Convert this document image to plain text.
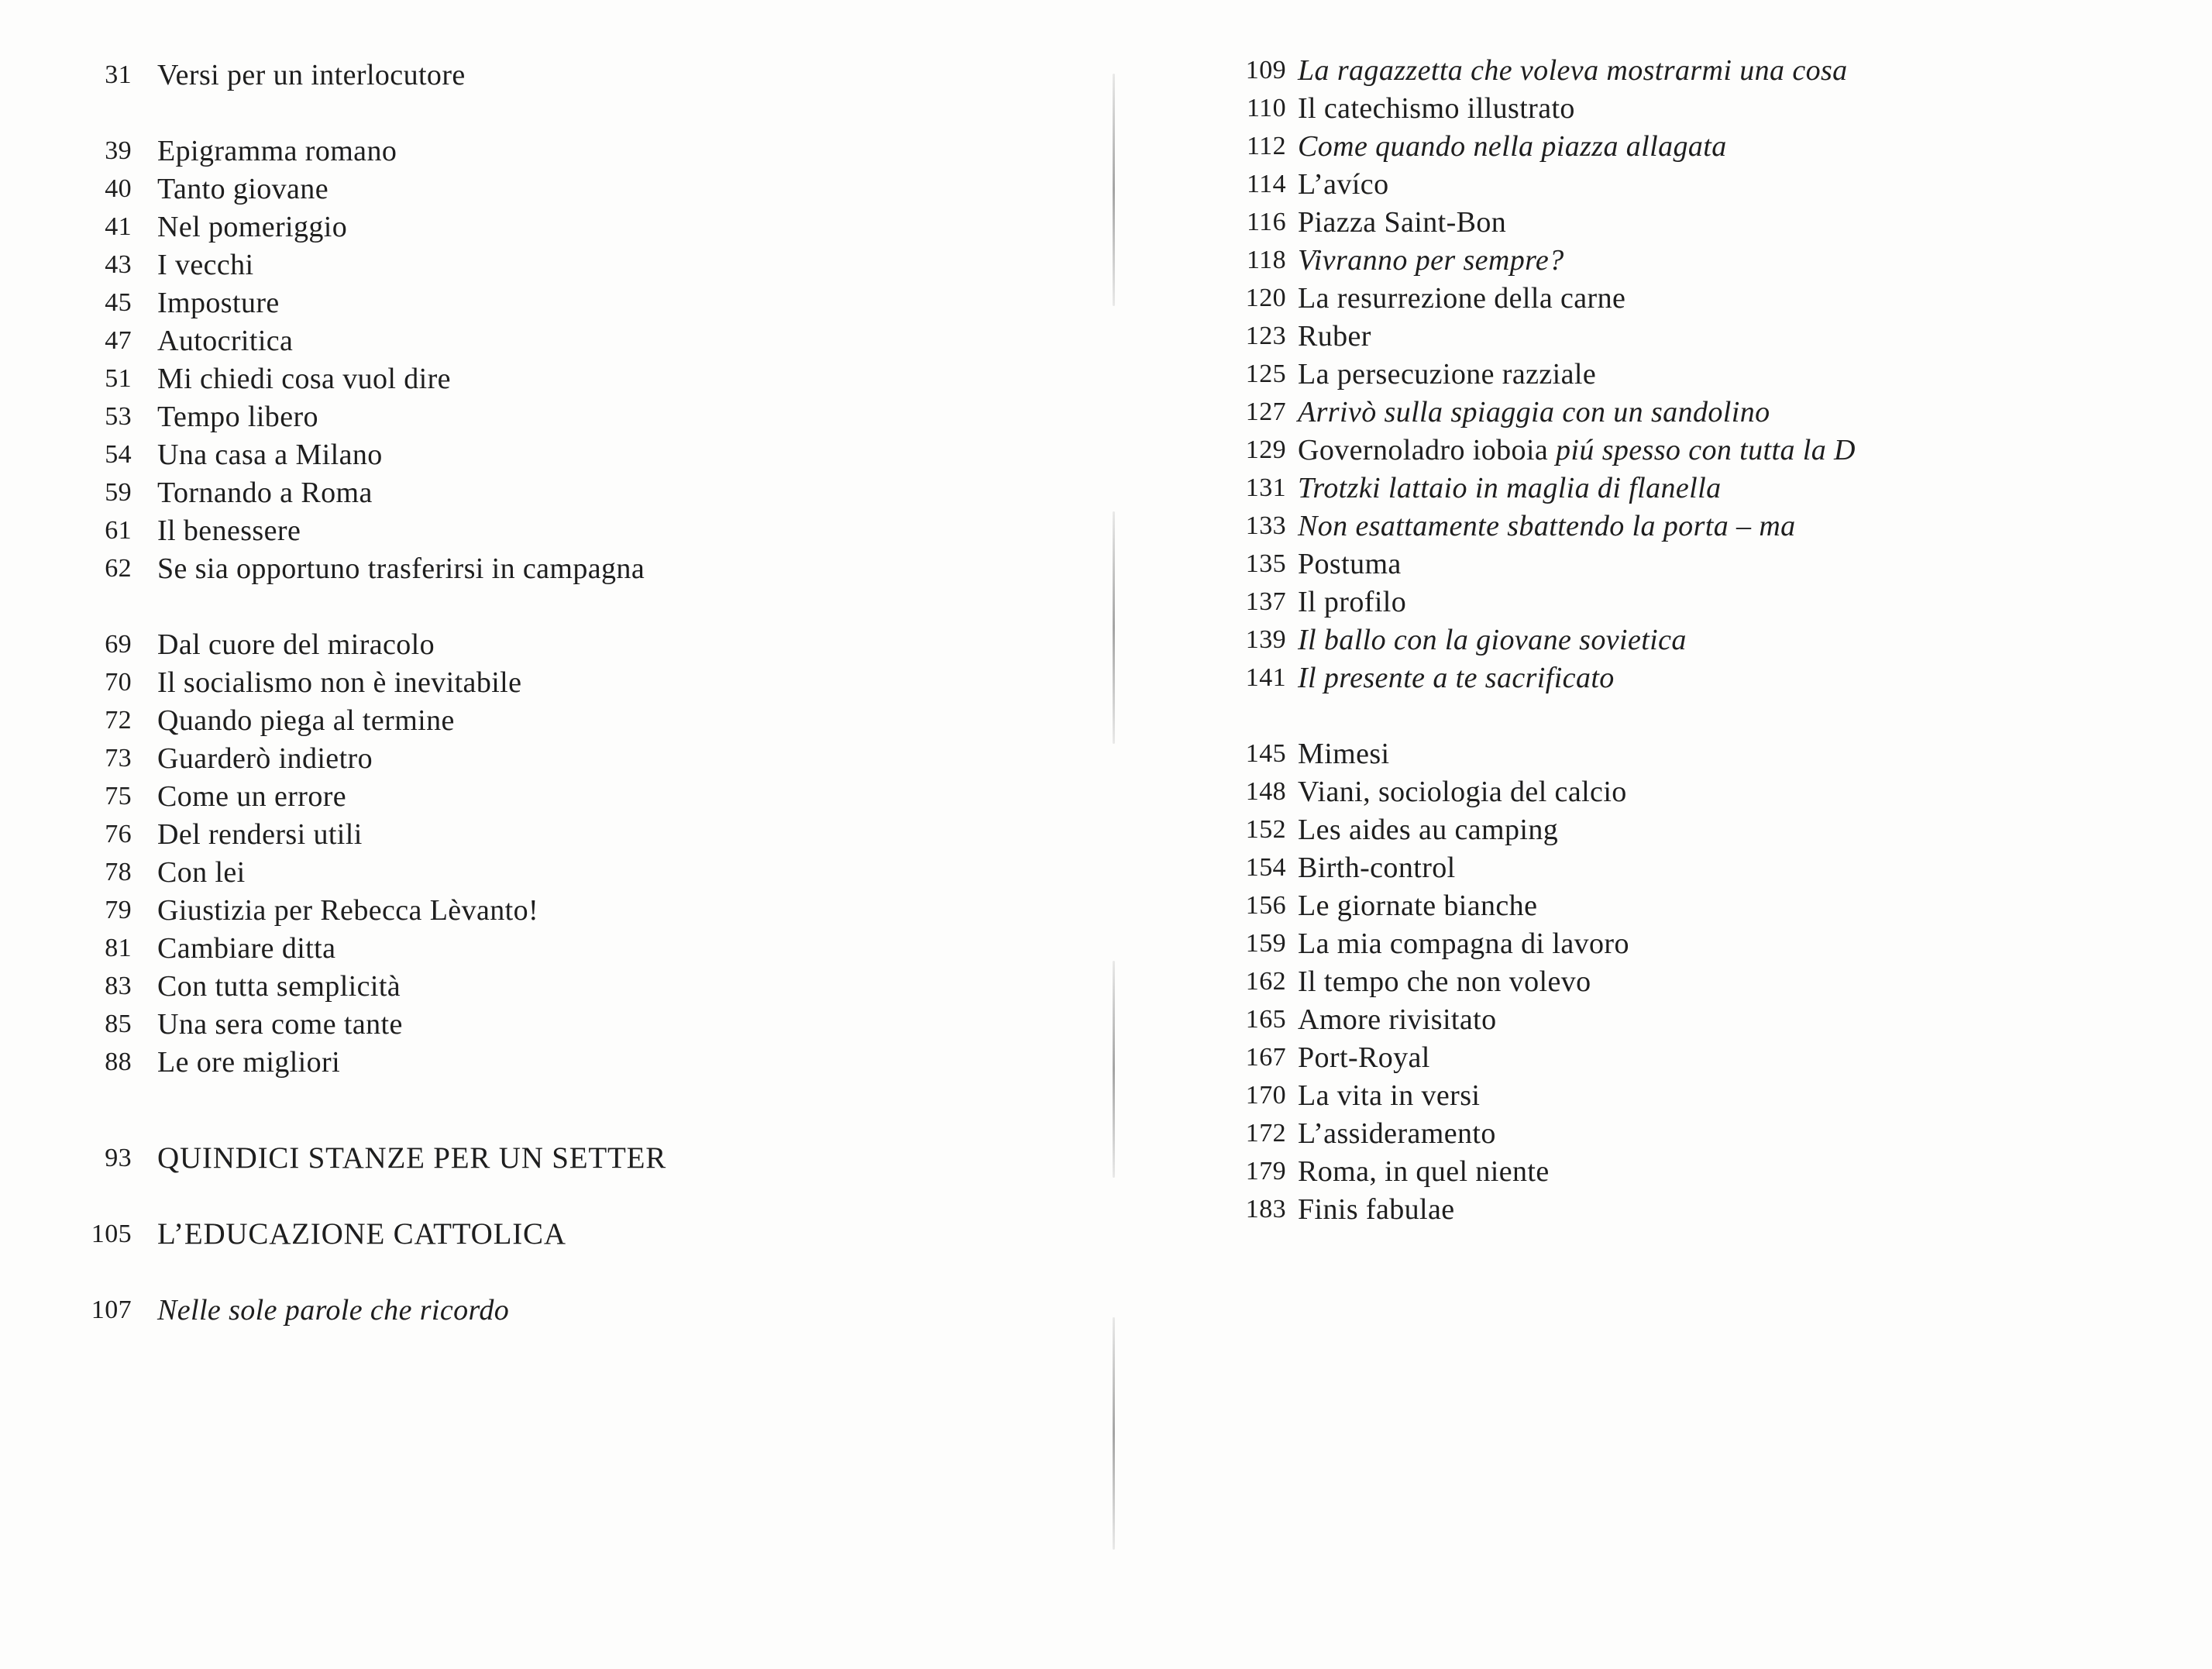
31 Versi per un interlocutore
39 Epigramma romano
40 Tanto giovane
41 Nel pomeriggio
43 I vecchi
45 Imposture
47 Autocritica
51 Mi chiedi cosa vuol dire
53 Tempo libero
54 Una casa a Milano
59 Tornando a Roma
61 Il benessere
62 Se sia opportuno trasferirsi in campagna
69 Dal cuore del miracolo
70 Il socialismo non è inevitabile
72 Quando piega al termine
73 Guarderò indietro
75 Come un errore
76 Del rendersi utili
78 Con lei
79 Giustizia per Rebecca Lèvanto!
81 Cambiare ditta
83 Con tutta semplicità
85 Una sera come tante
88 Le ore migliori
93 QUINDICI STANZE PER UN SETTER
105 L’EDUCAZIONE CATTOLICA
107 Nelle sole parole che ricordo
109 La ragazzetta che voleva mostrarmi una cosa
110 Il catechismo illustrato
112 Come quando nella piazza allagata
114 L’avíco
116 Piazza Saint-Bon
118 Vivranno per sempre?
120 La resurrezione della carne
123 Ruber
125 La persecuzione razziale
127 Arrivò sulla spiaggia con un sandolino
129 Governoladro ioboia piú spesso con tutta la D
131 Trotzki lattaio in maglia di flanella
133 Non esattamente sbattendo la porta – ma
135 Postuma
137 Il profilo
139 Il ballo con la giovane sovietica
141 Il presente a te sacrificato
145 Mimesi
148 Viani, sociologia del calcio
152 Les aides au camping
154 Birth-control
156 Le giornate bianche
159 La mia compagna di lavoro
162 Il tempo che non volevo
165 Amore rivisitato
167 Port-Royal
170 La vita in versi
172 L’assideramento
179 Roma, in quel niente
183 Finis fabulae
